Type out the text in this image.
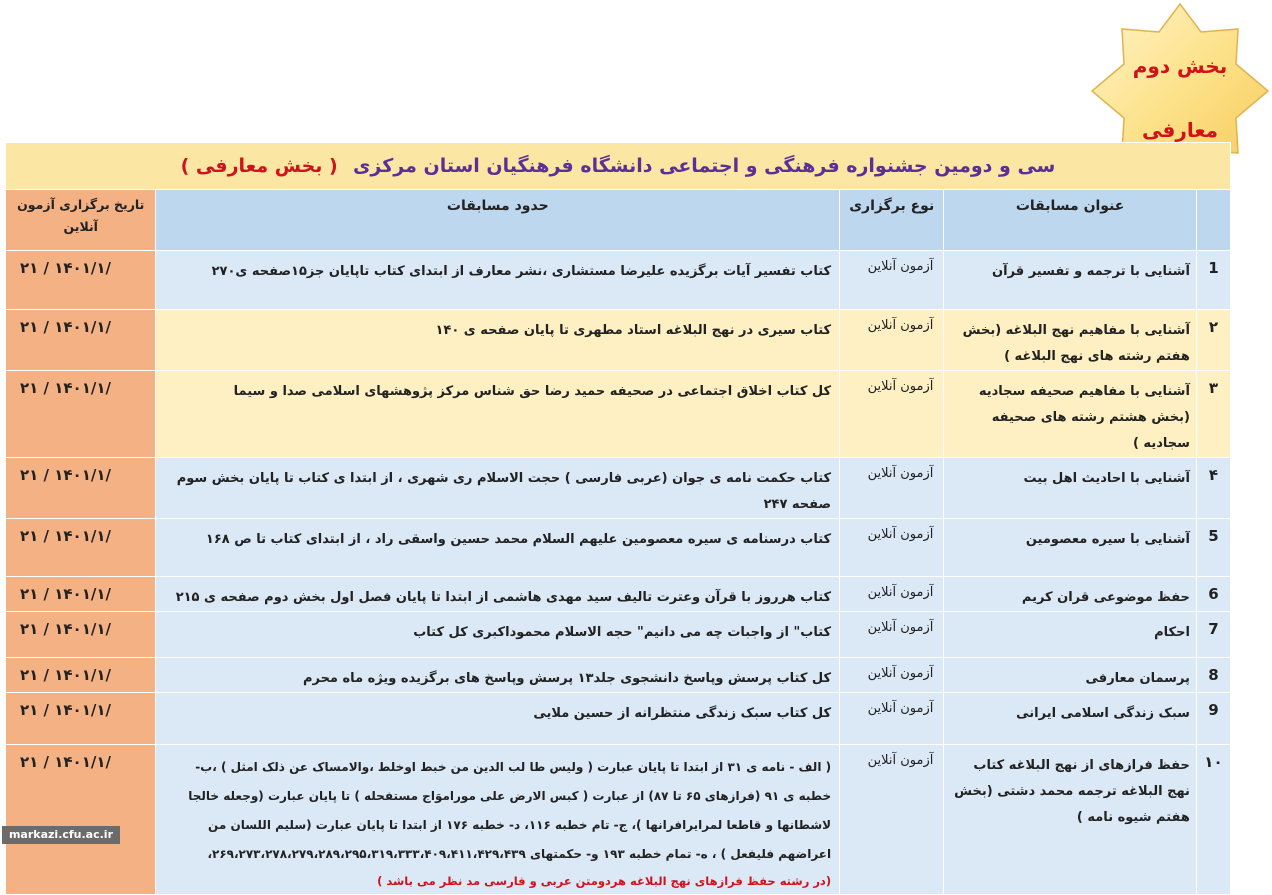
بخش دوم
معارفی
سی و دومین جشنواره فرهنگی و اجتماعی دانشگاه فرهنگیان استان مرکزی   ( بخش معارفی )				
	عنوان مسابقات	نوع برگزاری	حدود مسابقات	تاریخ برگزاری آزمون آنلاین
1	آشنایی با ترجمه و تفسیر قرآن	آزمون آنلاین	کتاب تفسیر آیات برگزیده علیرضا مستشاری ،نشر معارف از ابتدای کتاب تاپایان جز۱۵صفحه ی۲۷۰	۲۱ / ۱۴۰۱/۱/
۲	آشنایی با مفاهیم نهج البلاغه (بخش هفتم رشته های نهج البلاغه )	آزمون آنلاین	کتاب سیری در نهج البلاغه استاد مطهری تا پایان صفحه ی ۱۴۰	۲۱ / ۱۴۰۱/۱/
۳	آشنایی با مفاهیم صحیفه سجادیه (بخش هشتم رشته های صحیفه سجادیه )	آزمون آنلاین	کل کتاب اخلاق اجتماعی در صحیفه حمید رضا حق شناس مرکز پژوهشهای اسلامی صدا و سیما	۲۱ / ۱۴۰۱/۱/
۴	آشنایی با احادیث اهل بیت	آزمون آنلاین	کتاب حکمت نامه ی جوان (عربی فارسی ) حجت الاسلام ری شهری ، از ابتدا ی کتاب تا پایان بخش سوم صفحه ۲۴۷	۲۱ / ۱۴۰۱/۱/
5	آشنایی با سیره معصومین	آزمون آنلاین	کتاب درسنامه ی سیره معصومین علیهم السلام محمد حسین واسقی راد ، از ابتدای کتاب تا ص ۱۶۸	۲۱ / ۱۴۰۱/۱/
6	حفظ موضوعی قران کریم	آزمون آنلاین	کتاب هرروز با قرآن وعترت تالیف سید مهدی هاشمی از ابتدا تا پایان فصل اول بخش دوم صفحه ی ۲۱۵	۲۱ / ۱۴۰۱/۱/
7	احکام	آزمون آنلاین	کتاب" از واجبات چه می دانیم" حجه الاسلام محموداکبری کل کتاب	۲۱ / ۱۴۰۱/۱/
8	پرسمان معارفی	آزمون آنلاین	کل کتاب پرسش وپاسخ دانشجوی جلد۱۳ پرسش وپاسخ های برگزیده ویژه ماه محرم	۲۱ / ۱۴۰۱/۱/
9	سبک زندگی اسلامی ایرانی	آزمون آنلاین	کل کتاب سبک زندگی منتظرانه از حسین ملایی	۲۱ / ۱۴۰۱/۱/
۱۰	حفظ فرازهای از نهج البلاغه کتاب نهج البلاغه ترجمه محمد دشتی (بخش هفتم شیوه نامه )	آزمون آنلاین	( الف - نامه ی ۳۱ از ابتدا تا پایان عبارت ( ولیس طا لب الدین من خبط اوخلط ،والامساک عن ذلک امثل ) ،ب- خطبه ی ۹۱ (فرازهای ۶۵ تا ۸۷) از عبارت ( کبس الارض علی موراموَاج مستفحله ) تا پایان عبارت (وجعله خالجا لاشطانها و قاطعا لمرایرافرانها )، ج- تام خطبه ۱۱۶، د- خطبه ۱۷۶ از ابتدا تا پایان عبارت (سلیم اللسان من اعراضهم فلیفعل ) ، ه- تمام خطبه ۱۹۳ و- حکمتهای ۲۶۹،۲۷۳،۲۷۸،۲۷۹،۲۸۹،۲۹۵،۳۱۹،۳۳۳،۴۰۹،۴۱۱،۴۲۹،۴۳۹،
(در رشته حفظ فرازهای نهج البلاغه هردومتن عربی و فارسی مد نظر می باشد )	۲۱ / ۱۴۰۱/۱/
markazi.cfu.ac.ir
